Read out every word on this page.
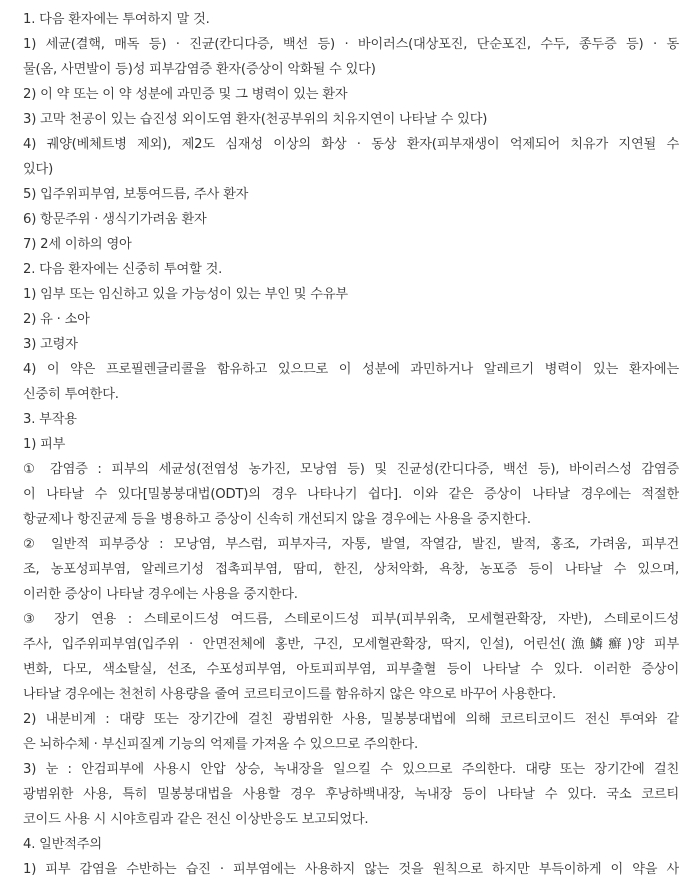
1. 다음 환자에는 투여하지 말 것.
1) 세균(결핵, 매독 등) · 진균(칸디다증, 백선 등) · 바이러스(대상포진, 단순포진, 수두, 종두증 등) · 동
물(옴, 사면발이 등)성 피부감염증 환자(증상이 악화될 수 있다)
2) 이 약 또는 이 약 성분에 과민증 및 그 병력이 있는 환자
3) 고막 천공이 있는 습진성 외이도염 환자(천공부위의 치유지연이 나타날 수 있다)
4) 궤양(베체트병 제외), 제2도 심재성 이상의 화상 · 동상 환자(피부재생이 억제되어 치유가 지연될 수
있다)
5) 입주위피부염, 보통여드름, 주사 환자
6) 항문주위 · 생식기가려움 환자
7) 2세 이하의 영아
2. 다음 환자에는 신중히 투여할 것.
1) 임부 또는 임신하고 있을 가능성이 있는 부인 및 수유부
2) 유 · 소아
3) 고령자
4) 이 약은 프로필렌글리콜을 함유하고 있으므로 이 성분에 과민하거나 알레르기 병력이 있는 환자에는
신중히 투여한다.
3. 부작용
1) 피부
① 감염증 : 피부의 세균성(전염성 농가진, 모낭염 등) 및 진균성(칸디다증, 백선 등), 바이러스성 감염증
이 나타날 수 있다[밀봉붕대법(ODT)의 경우 나타나기 쉽다]. 이와 같은 증상이 나타날 경우에는 적절한
항균제나 항진균제 등을 병용하고 증상이 신속히 개선되지 않을 경우에는 사용을 중지한다.
② 일반적 피부증상 : 모낭염, 부스럼, 피부자극, 자통, 발열, 작열감, 발진, 발적, 홍조, 가려움, 피부건
조, 농포성피부염, 알레르기성 접촉피부염, 땀띠, 한진, 상처악화, 욕창, 농포증 등이 나타날 수 있으며,
이러한 증상이 나타날 경우에는 사용을 중지한다.
③ 장기 연용 : 스테로이드성 여드름, 스테로이드성 피부(피부위축, 모세혈관확장, 자반), 스테로이드성
주사, 입주위피부염(입주위 · 안면전체에 홍반, 구진, 모세혈관확장, 딱지, 인설), 어린선(漁鱗癬)양 피부
변화, 다모, 색소탈실, 선조, 수포성피부염, 아토피피부염, 피부출혈 등이 나타날 수 있다. 이러한 증상이
나타날 경우에는 천천히 사용량을 줄여 코르티코이드를 함유하지 않은 약으로 바꾸어 사용한다.
2) 내분비계 : 대량 또는 장기간에 걸친 광범위한 사용, 밀봉붕대법에 의해 코르티코이드 전신 투여와 같
은 뇌하수체 · 부신피질계 기능의 억제를 가져올 수 있으므로 주의한다.
3) 눈 : 안검피부에 사용시 안압 상승, 녹내장을 일으킬 수 있으므로 주의한다. 대량 또는 장기간에 걸친
광범위한 사용, 특히 밀봉붕대법을 사용할 경우 후낭하백내장, 녹내장 등이 나타날 수 있다. 국소 코르티
코이드 사용 시 시야흐림과 같은 전신 이상반응도 보고되었다.
4. 일반적주의
1) 피부 감염을 수반하는 습진 · 피부염에는 사용하지 않는 것을 원칙으로 하지만 부득이하게 이 약을 사
